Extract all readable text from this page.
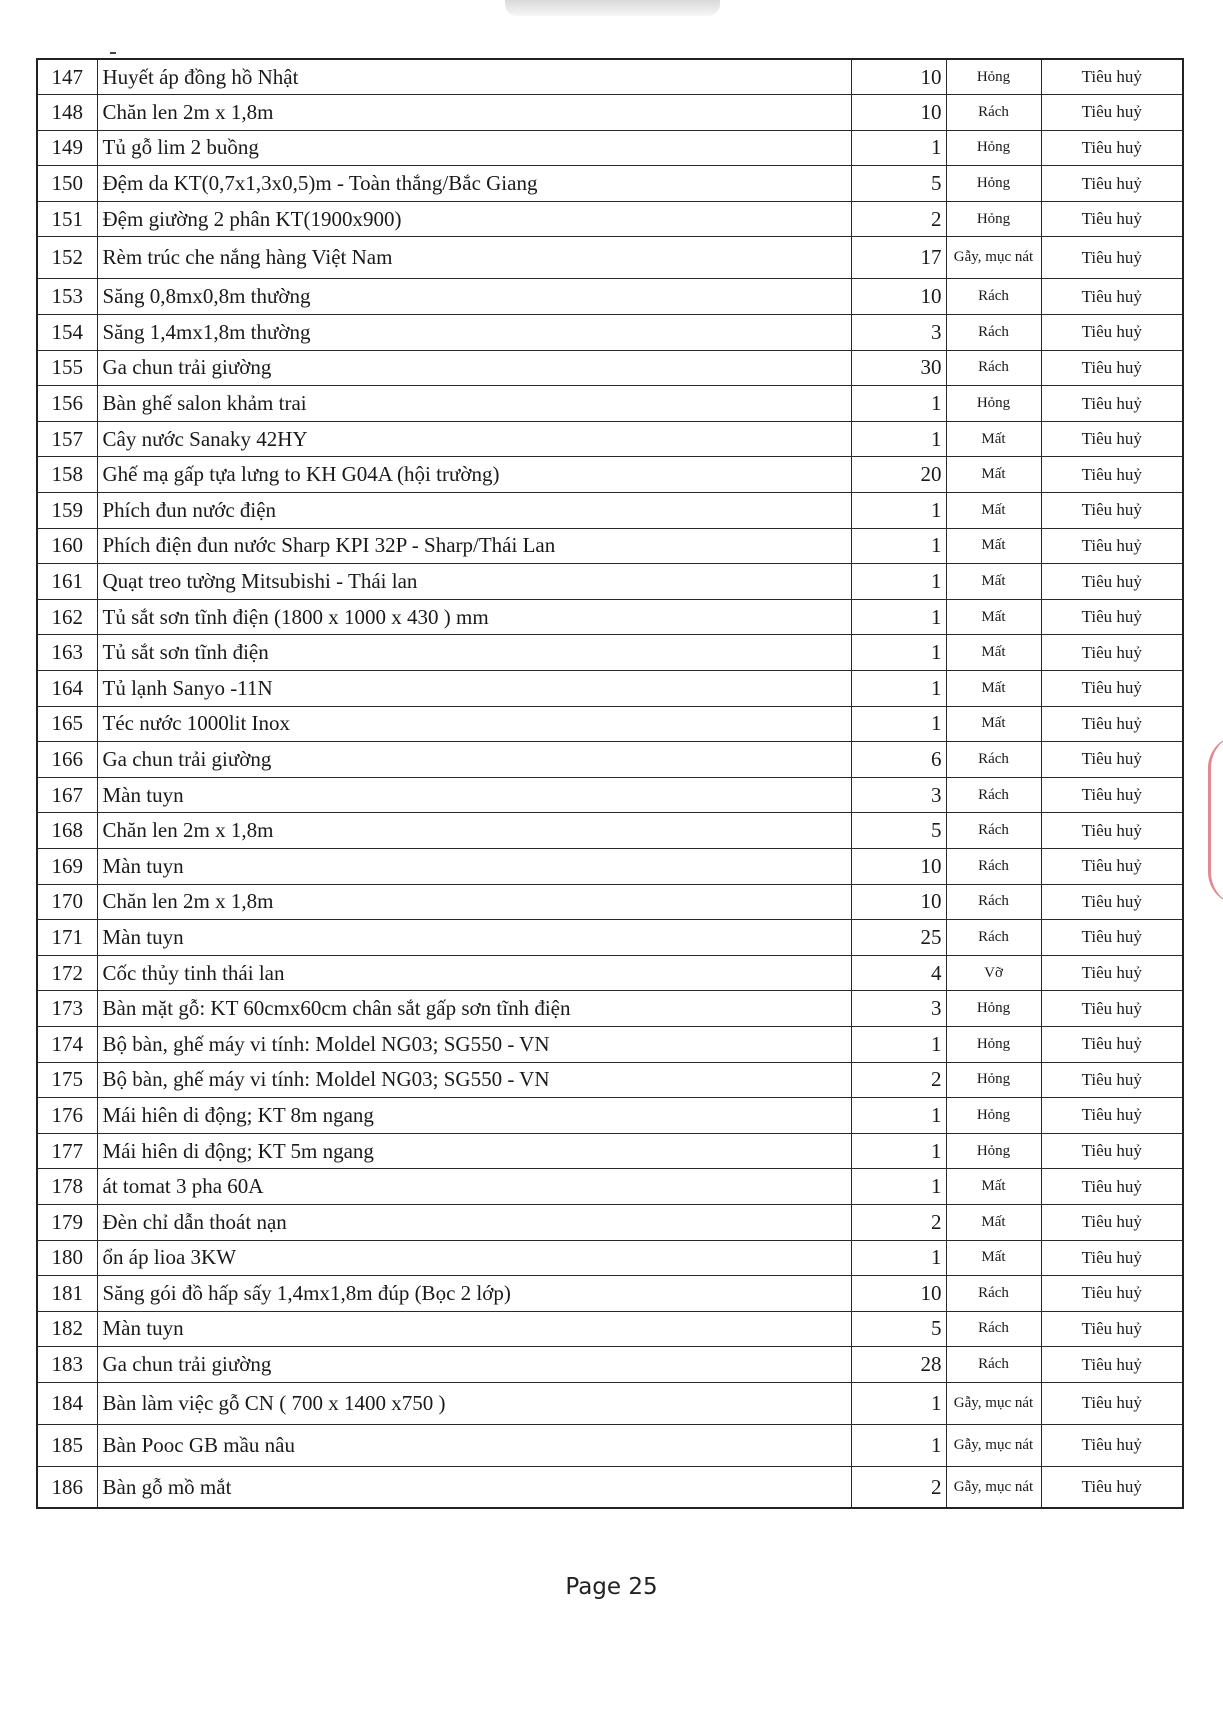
147	Huyết áp đồng hồ Nhật	10	Hỏng	Tiêu huỷ
148	Chăn len 2m x 1,8m	10	Rách	Tiêu huỷ
149	Tủ gỗ lim 2 buồng	1	Hỏng	Tiêu huỷ
150	Đệm da KT(0,7x1,3x0,5)m - Toàn thắng/Bắc Giang	5	Hỏng	Tiêu huỷ
151	Đệm giường 2 phân KT(1900x900)	2	Hỏng	Tiêu huỷ
152	Rèm trúc che nắng hàng Việt Nam	17	Gẫy, mục nát	Tiêu huỷ
153	Săng 0,8mx0,8m thường	10	Rách	Tiêu huỷ
154	Săng 1,4mx1,8m thường	3	Rách	Tiêu huỷ
155	Ga chun trải giường	30	Rách	Tiêu huỷ
156	Bàn ghế salon khảm trai	1	Hỏng	Tiêu huỷ
157	Cây nước Sanaky 42HY	1	Mất	Tiêu huỷ
158	Ghế mạ gấp tựa lưng to KH G04A (hội trường)	20	Mất	Tiêu huỷ
159	Phích đun nước điện	1	Mất	Tiêu huỷ
160	Phích điện đun nước Sharp KPI 32P - Sharp/Thái Lan	1	Mất	Tiêu huỷ
161	Quạt treo tường Mitsubishi - Thái lan	1	Mất	Tiêu huỷ
162	Tủ sắt sơn tĩnh điện (1800 x 1000 x 430 ) mm	1	Mất	Tiêu huỷ
163	Tủ sắt sơn tĩnh điện	1	Mất	Tiêu huỷ
164	Tủ lạnh Sanyo -11N	1	Mất	Tiêu huỷ
165	Téc nước 1000lit Inox	1	Mất	Tiêu huỷ
166	Ga chun trải giường	6	Rách	Tiêu huỷ
167	Màn tuyn	3	Rách	Tiêu huỷ
168	Chăn len 2m x 1,8m	5	Rách	Tiêu huỷ
169	Màn tuyn	10	Rách	Tiêu huỷ
170	Chăn len 2m x 1,8m	10	Rách	Tiêu huỷ
171	Màn tuyn	25	Rách	Tiêu huỷ
172	Cốc thủy tinh thái lan	4	Vỡ	Tiêu huỷ
173	Bàn mặt gỗ: KT 60cmx60cm chân sắt gấp sơn tĩnh điện	3	Hỏng	Tiêu huỷ
174	Bộ bàn, ghế máy vi tính: Moldel NG03; SG550 - VN	1	Hỏng	Tiêu huỷ
175	Bộ bàn, ghế máy vi tính: Moldel NG03; SG550 - VN	2	Hỏng	Tiêu huỷ
176	Mái hiên di động; KT 8m ngang	1	Hỏng	Tiêu huỷ
177	Mái hiên di động; KT 5m ngang	1	Hỏng	Tiêu huỷ
178	át tomat 3 pha 60A	1	Mất	Tiêu huỷ
179	Đèn chỉ dẫn thoát nạn	2	Mất	Tiêu huỷ
180	ổn áp lioa 3KW	1	Mất	Tiêu huỷ
181	Săng gói đồ hấp sấy 1,4mx1,8m đúp (Bọc 2 lớp)	10	Rách	Tiêu huỷ
182	Màn tuyn	5	Rách	Tiêu huỷ
183	Ga chun trải giường	28	Rách	Tiêu huỷ
184	Bàn làm việc gỗ CN ( 700 x 1400 x750 )	1	Gẫy, mục nát	Tiêu huỷ
185	Bàn Pooc GB mầu nâu	1	Gẫy, mục nát	Tiêu huỷ
186	Bàn gỗ mồ mắt	2	Gẫy, mục nát	Tiêu huỷ
Page 25
